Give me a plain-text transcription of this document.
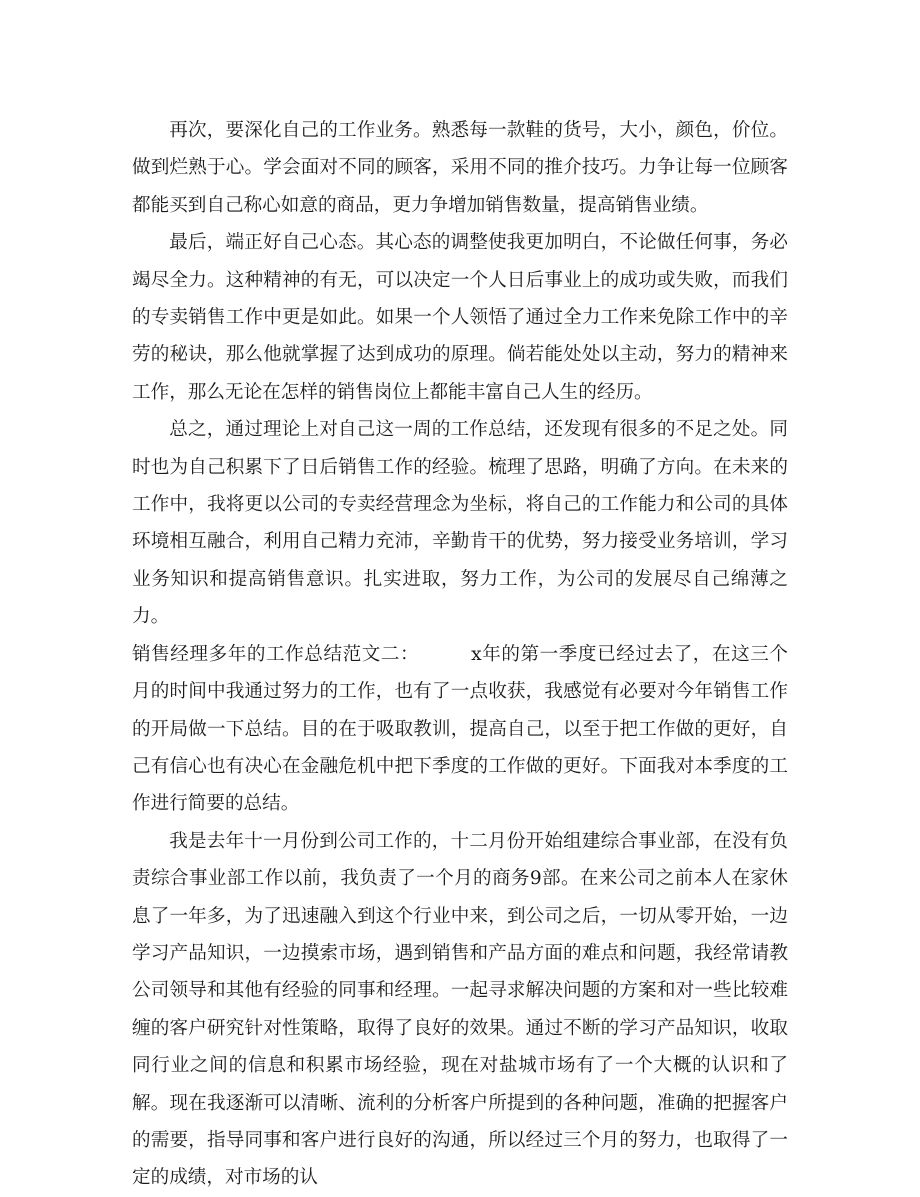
再次，要深化自己的工作业务。熟悉每一款鞋的货号，大小，颜色，价位。做到烂熟于心。学会面对不同的顾客，采用不同的推介技巧。力争让每一位顾客都能买到自己称心如意的商品，更力争增加销售数量，提高销售业绩。

最后，端正好自己心态。其心态的调整使我更加明白，不论做任何事，务必竭尽全力。这种精神的有无，可以决定一个人日后事业上的成功或失败，而我们的专卖销售工作中更是如此。如果一个人领悟了通过全力工作来免除工作中的辛劳的秘诀，那么他就掌握了达到成功的原理。倘若能处处以主动，努力的精神来工作，那么无论在怎样的销售岗位上都能丰富自己人生的经历。

总之，通过理论上对自己这一周的工作总结，还发现有很多的不足之处。同时也为自己积累下了日后销售工作的经验。梳理了思路，明确了方向。在未来的工作中，我将更以公司的专卖经营理念为坐标，将自己的工作能力和公司的具体环境相互融合，利用自己精力充沛，辛勤肯干的优势，努力接受业务培训，学习业务知识和提高销售意识。扎实进取，努力工作，为公司的发展尽自己绵薄之力。

销售经理多年的工作总结范文二：	x年的第一季度已经过去了，在这三个月的时间中我通过努力的工作，也有了一点收获，我感觉有必要对今年销售工作的开局做一下总结。目的在于吸取教训，提高自己，以至于把工作做的更好，自己有信心也有决心在金融危机中把下季度的工作做的更好。下面我对本季度的工作进行简要的总结。

我是去年十一月份到公司工作的，十二月份开始组建综合事业部，在没有负责综合事业部工作以前，我负责了一个月的商务9部。在来公司之前本人在家休息了一年多，为了迅速融入到这个行业中来，到公司之后，一切从零开始，一边学习产品知识，一边摸索市场，遇到销售和产品方面的难点和问题，我经常请教公司领导和其他有经验的同事和经理。一起寻求解决问题的方案和对一些比较难缠的客户研究针对性策略，取得了良好的效果。通过不断的学习产品知识，收取同行业之间的信息和积累市场经验，现在对盐城市场有了一个大概的认识和了解。现在我逐渐可以清晰、流利的分析客户所提到的各种问题，准确的把握客户的需要，指导同事和客户进行良好的沟通，所以经过三个月的努力，也取得了一定的成绩，对市场的认
